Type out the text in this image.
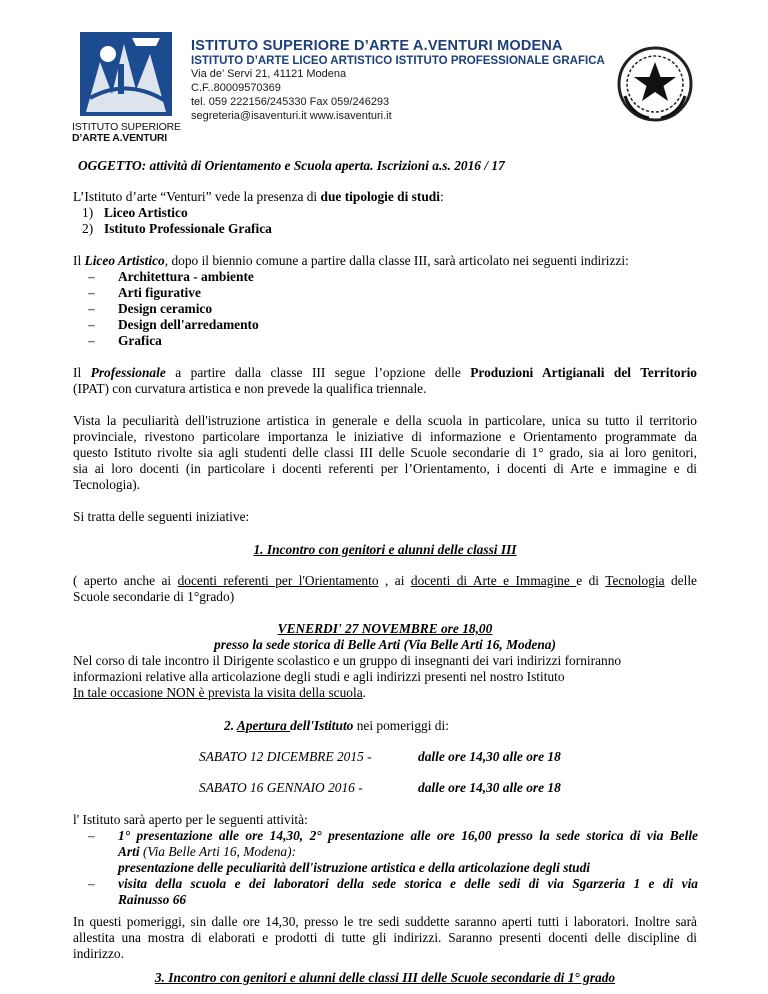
ISTITUTO SUPERIORE
D’ARTE A.VENTURI
ISTITUTO SUPERIORE D’ARTE A.VENTURI MODENA
ISTITUTO D’ARTE LICEO ARTISTICO ISTITUTO PROFESSIONALE GRAFICA
Via de’ Servi 21, 41121 Modena
C.F..80009570369
tel. 059 222156/245330 Fax 059/246293
segreteria@isaventuri.it www.isaventuri.it
OGGETTO: attività di Orientamento e Scuola aperta. Iscrizioni a.s. 2016 / 17
L’Istituto d’arte “Venturi” vede la presenza di due tipologie di studi:
1) Liceo Artistico
2) Istituto Professionale Grafica
Il Liceo Artistico, dopo il biennio comune a partire dalla classe III, sarà articolato nei seguenti indirizzi:
– Architettura - ambiente
– Arti figurative
– Design ceramico
– Design dell'arredamento
– Grafica
Il Professionale a partire dalla classe III segue l’opzione delle Produzioni Artigianali del Territorio
(IPAT) con curvatura artistica e non prevede la qualifica triennale.
Vista la peculiarità dell'istruzione artistica in generale e della scuola in particolare, unica su tutto il territorio
provinciale, rivestono particolare importanza le iniziative di informazione e Orientamento programmate da
questo Istituto rivolte sia agli studenti delle classi III delle Scuole secondarie di 1° grado, sia ai loro genitori,
sia ai loro docenti (in particolare i docenti referenti per l’Orientamento, i docenti di Arte e immagine e di
Tecnologia).
Si tratta delle seguenti iniziative:
1. Incontro con genitori e alunni delle classi III
( aperto anche ai docenti referenti per l'Orientamento , ai docenti di Arte e Immagine e di Tecnologia delle
Scuole secondarie di 1°grado)
VENERDI' 27 NOVEMBRE ore 18,00
presso la sede storica di Belle Arti (Via Belle Arti 16, Modena)
Nel corso di tale incontro il Dirigente scolastico e un gruppo di insegnanti dei vari indirizzi forniranno
informazioni relative alla articolazione degli studi e agli indirizzi presenti nel nostro Istituto
In tale occasione NON è prevista la visita della scuola.
2. Apertura dell'Istituto nei pomeriggi di:
SABATO 12 DICEMBRE 2015 -	dalle ore 14,30 alle ore 18
SABATO 16 GENNAIO 2016 -	dalle ore 14,30 alle ore 18
l' Istituto sarà aperto per le seguenti attività:
– 1° presentazione alle ore 14,30, 2° presentazione alle ore 16,00 presso la sede storica di via Belle
Arti (Via Belle Arti 16, Modena):
presentazione delle peculiarità dell'istruzione artistica e della articolazione degli studi
– visita della scuola e dei laboratori della sede storica e delle sedi di via Sgarzeria 1 e di via
Rainusso 66
In questi pomeriggi, sin dalle ore 14,30, presso le tre sedi suddette saranno aperti tutti i laboratori. Inoltre sarà
allestita una mostra di elaborati e prodotti di tutte gli indirizzi. Saranno presenti docenti delle discipline di
indirizzo.
3. Incontro con genitori e alunni delle classi III delle Scuole secondarie di 1° grado
